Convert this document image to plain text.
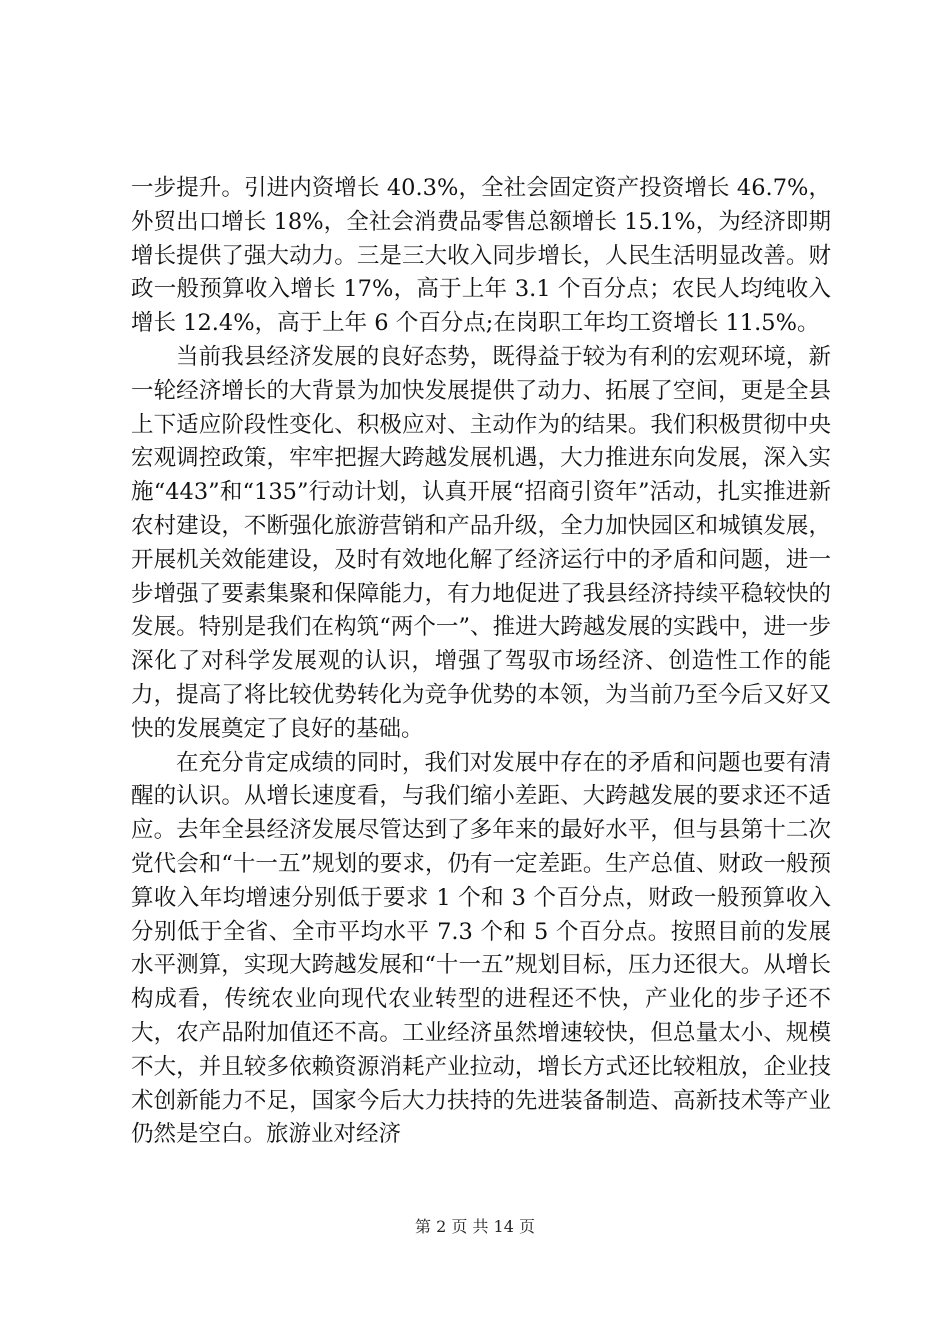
一步提升。引进内资增长 40.3%，全社会固定资产投资增长 46.7%，外贸出口增长 18%，全社会消费品零售总额增长 15.1%，为经济即期增长提供了强大动力。三是三大收入同步增长，人民生活明显改善。财政一般预算收入增长 17%，高于上年 3.1 个百分点；农民人均纯收入增长 12.4%，高于上年 6 个百分点;在岗职工年均工资增长 11.5%。

当前我县经济发展的良好态势，既得益于较为有利的宏观环境，新一轮经济增长的大背景为加快发展提供了动力、拓展了空间，更是全县上下适应阶段性变化、积极应对、主动作为的结果。我们积极贯彻中央宏观调控政策，牢牢把握大跨越发展机遇，大力推进东向发展，深入实施“443”和“135”行动计划，认真开展“招商引资年”活动，扎实推进新农村建设，不断强化旅游营销和产品升级，全力加快园区和城镇发展，开展机关效能建设，及时有效地化解了经济运行中的矛盾和问题，进一步增强了要素集聚和保障能力，有力地促进了我县经济持续平稳较快的发展。特别是我们在构筑“两个一”、推进大跨越发展的实践中，进一步深化了对科学发展观的认识，增强了驾驭市场经济、创造性工作的能力，提高了将比较优势转化为竞争优势的本领，为当前乃至今后又好又快的发展奠定了良好的基础。

在充分肯定成绩的同时，我们对发展中存在的矛盾和问题也要有清醒的认识。从增长速度看，与我们缩小差距、大跨越发展的要求还不适应。去年全县经济发展尽管达到了多年来的最好水平，但与县第十二次党代会和“十一五”规划的要求，仍有一定差距。生产总值、财政一般预算收入年均增速分别低于要求 1 个和 3 个百分点，财政一般预算收入分别低于全省、全市平均水平 7.3 个和 5 个百分点。按照目前的发展水平测算，实现大跨越发展和“十一五”规划目标，压力还很大。从增长构成看，传统农业向现代农业转型的进程还不快，产业化的步子还不大，农产品附加值还不高。工业经济虽然增速较快，但总量太小、规模不大，并且较多依赖资源消耗产业拉动，增长方式还比较粗放，企业技术创新能力不足，国家今后大力扶持的先进装备制造、高新技术等产业仍然是空白。旅游业对经济

第 2 页 共 14 页
